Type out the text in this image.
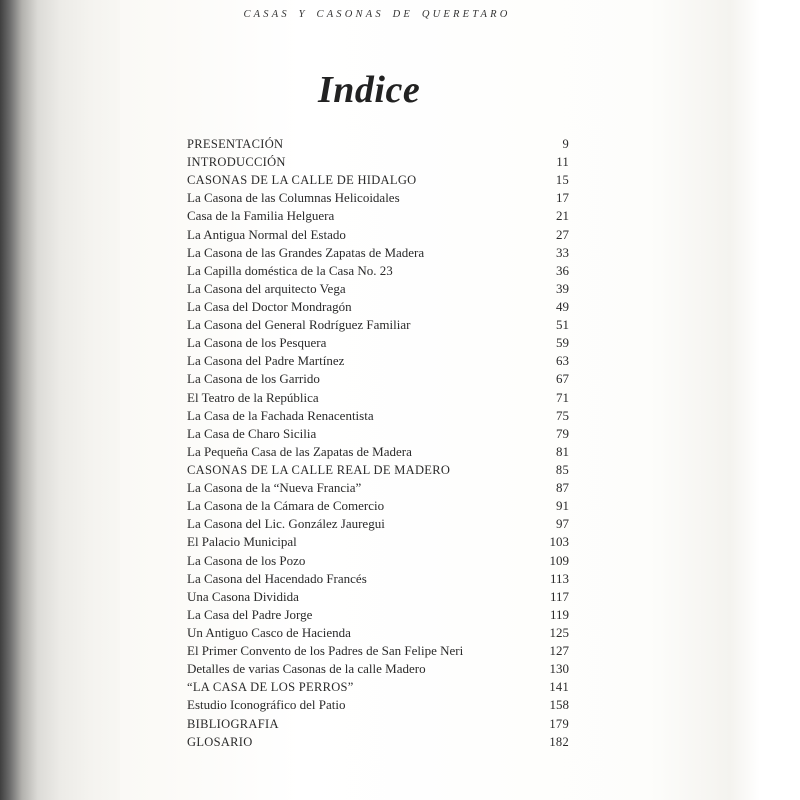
CASAS Y CASONAS DE QUERETARO
Indice
PRESENTACIÓN	9
INTRODUCCIÓN	11
CASONAS DE LA CALLE DE HIDALGO	15
La Casona de las Columnas Helicoidales	17
Casa de la Familia Helguera	21
La Antigua Normal del Estado	27
La Casona de las Grandes Zapatas de Madera	33
La Capilla doméstica de la Casa No. 23	36
La Casona del arquitecto Vega	39
La Casa del Doctor Mondragón	49
La Casona del General Rodríguez Familiar	51
La Casona de los Pesquera	59
La Casona del Padre Martínez	63
La Casona de los Garrido	67
El Teatro de la República	71
La Casa de la Fachada Renacentista	75
La Casa de Charo Sicilia	79
La Pequeña Casa de las Zapatas de Madera	81
CASONAS DE LA CALLE REAL DE MADERO	85
La Casona de la “Nueva Francia”	87
La Casona de la Cámara de Comercio	91
La Casona del Lic. González Jauregui	97
El Palacio Municipal	103
La Casona de los Pozo	109
La Casona del Hacendado Francés	113
Una Casona Dividida	117
La Casa del Padre Jorge	119
Un Antiguo Casco de Hacienda	125
El Primer Convento de los Padres de San Felipe Neri	127
Detalles de varias Casonas de la calle Madero	130
“LA CASA DE LOS PERROS”	141
Estudio Iconográfico del Patio	158
BIBLIOGRAFIA	179
GLOSARIO	182
